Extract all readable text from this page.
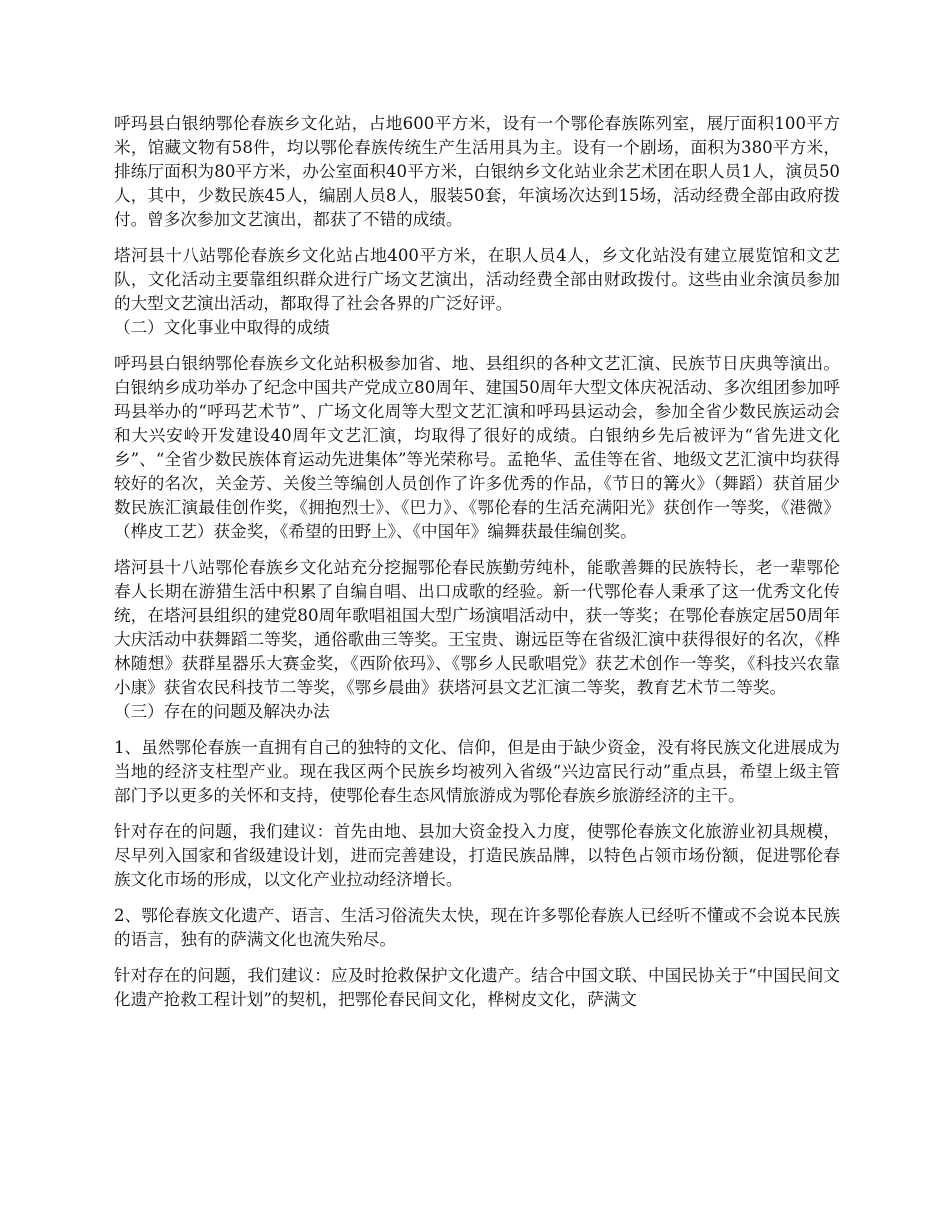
呼玛县白银纳鄂伦春族乡文化站，占地600平方米，设有一个鄂伦春族陈列室，展厅面积100平方米，馆藏文物有58件，均以鄂伦春族传统生产生活用具为主。设有一个剧场，面积为380平方米，排练厅面积为80平方米，办公室面积40平方米，白银纳乡文化站业余艺术团在职人员1人，演员50人，其中，少数民族45人，编剧人员8人，服装50套，年演场次达到15场，活动经费全部由政府拨付。曾多次参加文艺演出，都获了不错的成绩。

塔河县十八站鄂伦春族乡文化站占地400平方米，在职人员4人，乡文化站没有建立展览馆和文艺队，文化活动主要靠组织群众进行广场文艺演出，活动经费全部由财政拨付。这些由业余演员参加的大型文艺演出活动，都取得了社会各界的广泛好评。

（二）文化事业中取得的成绩

呼玛县白银纳鄂伦春族乡文化站积极参加省、地、县组织的各种文艺汇演、民族节日庆典等演出。白银纳乡成功举办了纪念中国共产党成立80周年、建国50周年大型文体庆祝活动、多次组团参加呼玛县举办的“呼玛艺术节”、广场文化周等大型文艺汇演和呼玛县运动会，参加全省少数民族运动会和大兴安岭开发建设40周年文艺汇演，均取得了很好的成绩。白银纳乡先后被评为“省先进文化乡”、“全省少数民族体育运动先进集体”等光荣称号。孟艳华、孟佳等在省、地级文艺汇演中均获得较好的名次，关金芳、关俊兰等编创人员创作了许多优秀的作品，《节日的篝火》（舞蹈）获首届少数民族汇演最佳创作奖，《拥抱烈士》、《巴力》、《鄂伦春的生活充满阳光》获创作一等奖，《港微》（桦皮工艺）获金奖，《希望的田野上》、《中国年》编舞获最佳编创奖。

塔河县十八站鄂伦春族乡文化站充分挖掘鄂伦春民族勤劳纯朴，能歌善舞的民族特长，老一辈鄂伦春人长期在游猎生活中积累了自编自唱、出口成歌的经验。新一代鄂伦春人秉承了这一优秀文化传统，在塔河县组织的建党80周年歌唱祖国大型广场演唱活动中，获一等奖；在鄂伦春族定居50周年大庆活动中获舞蹈二等奖，通俗歌曲三等奖。王宝贵、谢远臣等在省级汇演中获得很好的名次，《桦林随想》获群星器乐大赛金奖，《西阶依玛》、《鄂乡人民歌唱党》获艺术创作一等奖，《科技兴农靠小康》获省农民科技节二等奖，《鄂乡晨曲》获塔河县文艺汇演二等奖，教育艺术节二等奖。

（三）存在的问题及解决办法

1、虽然鄂伦春族一直拥有自己的独特的文化、信仰，但是由于缺少资金，没有将民族文化进展成为当地的经济支柱型产业。现在我区两个民族乡均被列入省级“兴边富民行动”重点县，希望上级主管部门予以更多的关怀和支持，使鄂伦春生态风情旅游成为鄂伦春族乡旅游经济的主干。

针对存在的问题，我们建议：首先由地、县加大资金投入力度，使鄂伦春族文化旅游业初具规模，尽早列入国家和省级建设计划，进而完善建设，打造民族品牌，以特色占领市场份额，促进鄂伦春族文化市场的形成，以文化产业拉动经济增长。

2、鄂伦春族文化遗产、语言、生活习俗流失太快，现在许多鄂伦春族人已经听不懂或不会说本民族的语言，独有的萨满文化也流失殆尽。

针对存在的问题，我们建议：应及时抢救保护文化遗产。结合中国文联、中国民协关于“中国民间文化遗产抢救工程计划”的契机，把鄂伦春民间文化，桦树皮文化，萨满文
